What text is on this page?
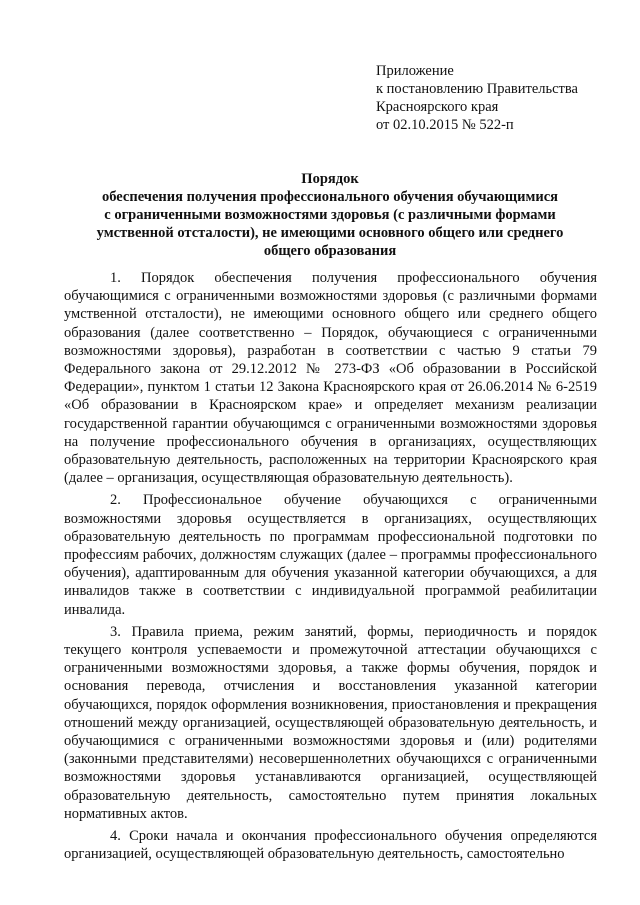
Приложение
к постановлению Правительства
Красноярского края
от 02.10.2015 № 522-п
Порядок
обеспечения получения профессионального обучения обучающимися
с ограниченными возможностями здоровья (с различными формами
умственной отсталости), не имеющими основного общего или среднего
общего образования

1. Порядок обеспечения получения профессионального обучения обучающимися с ограниченными возможностями здоровья (с различными формами умственной отсталости), не имеющими основного общего или среднего общего образования (далее соответственно – Порядок, обучающиеся с ограниченными возможностями здоровья), разработан в соответствии с частью 9 статьи 79 Федерального закона от 29.12.2012 № 273-ФЗ «Об образовании в Российской Федерации», пунктом 1 статьи 12 Закона Красноярского края от 26.06.2014 № 6-2519 «Об образовании в Красноярском крае» и определяет механизм реализации государственной гарантии обучающимся с ограниченными возможностями здоровья на получение профессионального обучения в организациях, осуществляющих образовательную деятельность, расположенных на территории Красноярского края (далее – организация, осуществляющая образовательную деятельность).

2. Профессиональное обучение обучающихся с ограниченными возможностями здоровья осуществляется в организациях, осуществляющих образовательную деятельность по программам профессиональной подготовки по профессиям рабочих, должностям служащих (далее – программы профессионального обучения), адаптированным для обучения указанной категории обучающихся, а для инвалидов также в соответствии с индивидуальной программой реабилитации инвалида.

3. Правила приема, режим занятий, формы, периодичность и порядок текущего контроля успеваемости и промежуточной аттестации обучающихся с ограниченными возможностями здоровья, а также формы обучения, порядок и основания перевода, отчисления и восстановления указанной категории обучающихся, порядок оформления возникновения, приостановления и прекращения отношений между организацией, осуществляющей образовательную деятельность, и обучающимися с ограниченными возможностями здоровья и (или) родителями (законными представителями) несовершеннолетних обучающихся с ограниченными возможностями здоровья устанавливаются организацией, осуществляющей образовательную деятельность, самостоятельно путем принятия локальных нормативных актов.

4. Сроки начала и окончания профессионального обучения определяются организацией, осуществляющей образовательную деятельность, самостоятельно
